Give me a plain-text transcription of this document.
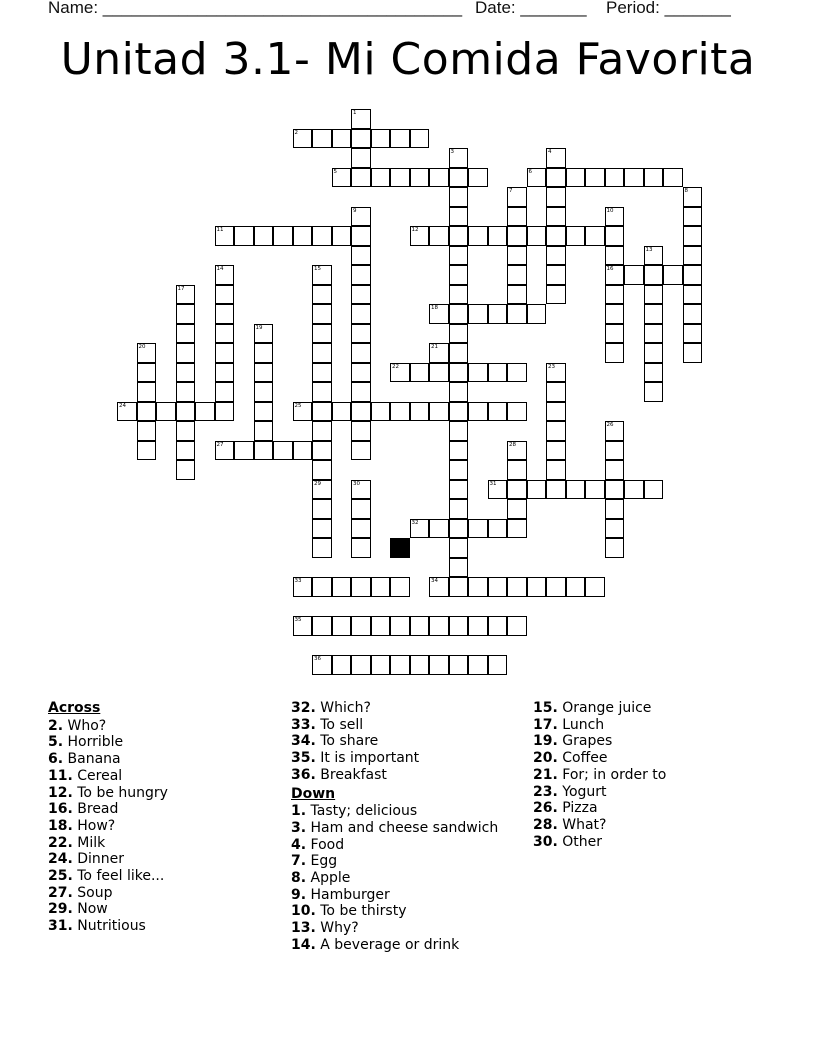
Name: ______________________________________ Date: _______ Period: _______
Unitad 3.1- Mi Comida Favorita
1
2
3	4
5	6
7	8
9	10
16
11	12
13
14	15
29
17
18
19
20	21
22	23
24	25
26
27	28
30	31
32
33	34
35
36
Across
2. Who?
5. Horrible
6. Banana
11. Cereal
12. To be hungry
16. Bread
18. How?
22. Milk
24. Dinner
25. To feel like...
27. Soup
29. Now
31. Nutritious
32. Which?
33. To sell
34. To share
35. It is important
36. Breakfast
Down
1. Tasty; delicious
3. Ham and cheese sandwich
4. Food
7. Egg
8. Apple
9. Hamburger
10. To be thirsty
13. Why?
14. A beverage or drink
15. Orange juice
17. Lunch
19. Grapes
20. Coffee
21. For; in order to
23. Yogurt
26. Pizza
28. What?
30. Other
